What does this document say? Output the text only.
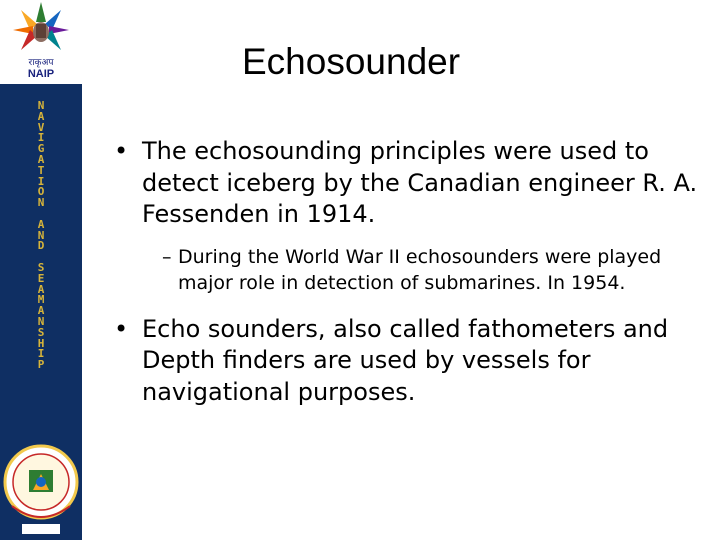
राकृअप
NAIP
N
A
V
I
G
A
T
I
O
N
A
N
D
S
E
A
M
A
N
S
H
I
P
Echosounder
• The echosounding principles were used to detect iceberg by the Canadian engineer R. A. Fessenden in 1914.
– During the World War II echosounders were played major role in detection of submarines. In 1954.
• Echo sounders, also called fathometers and Depth finders are used by vessels for navigational purposes.
